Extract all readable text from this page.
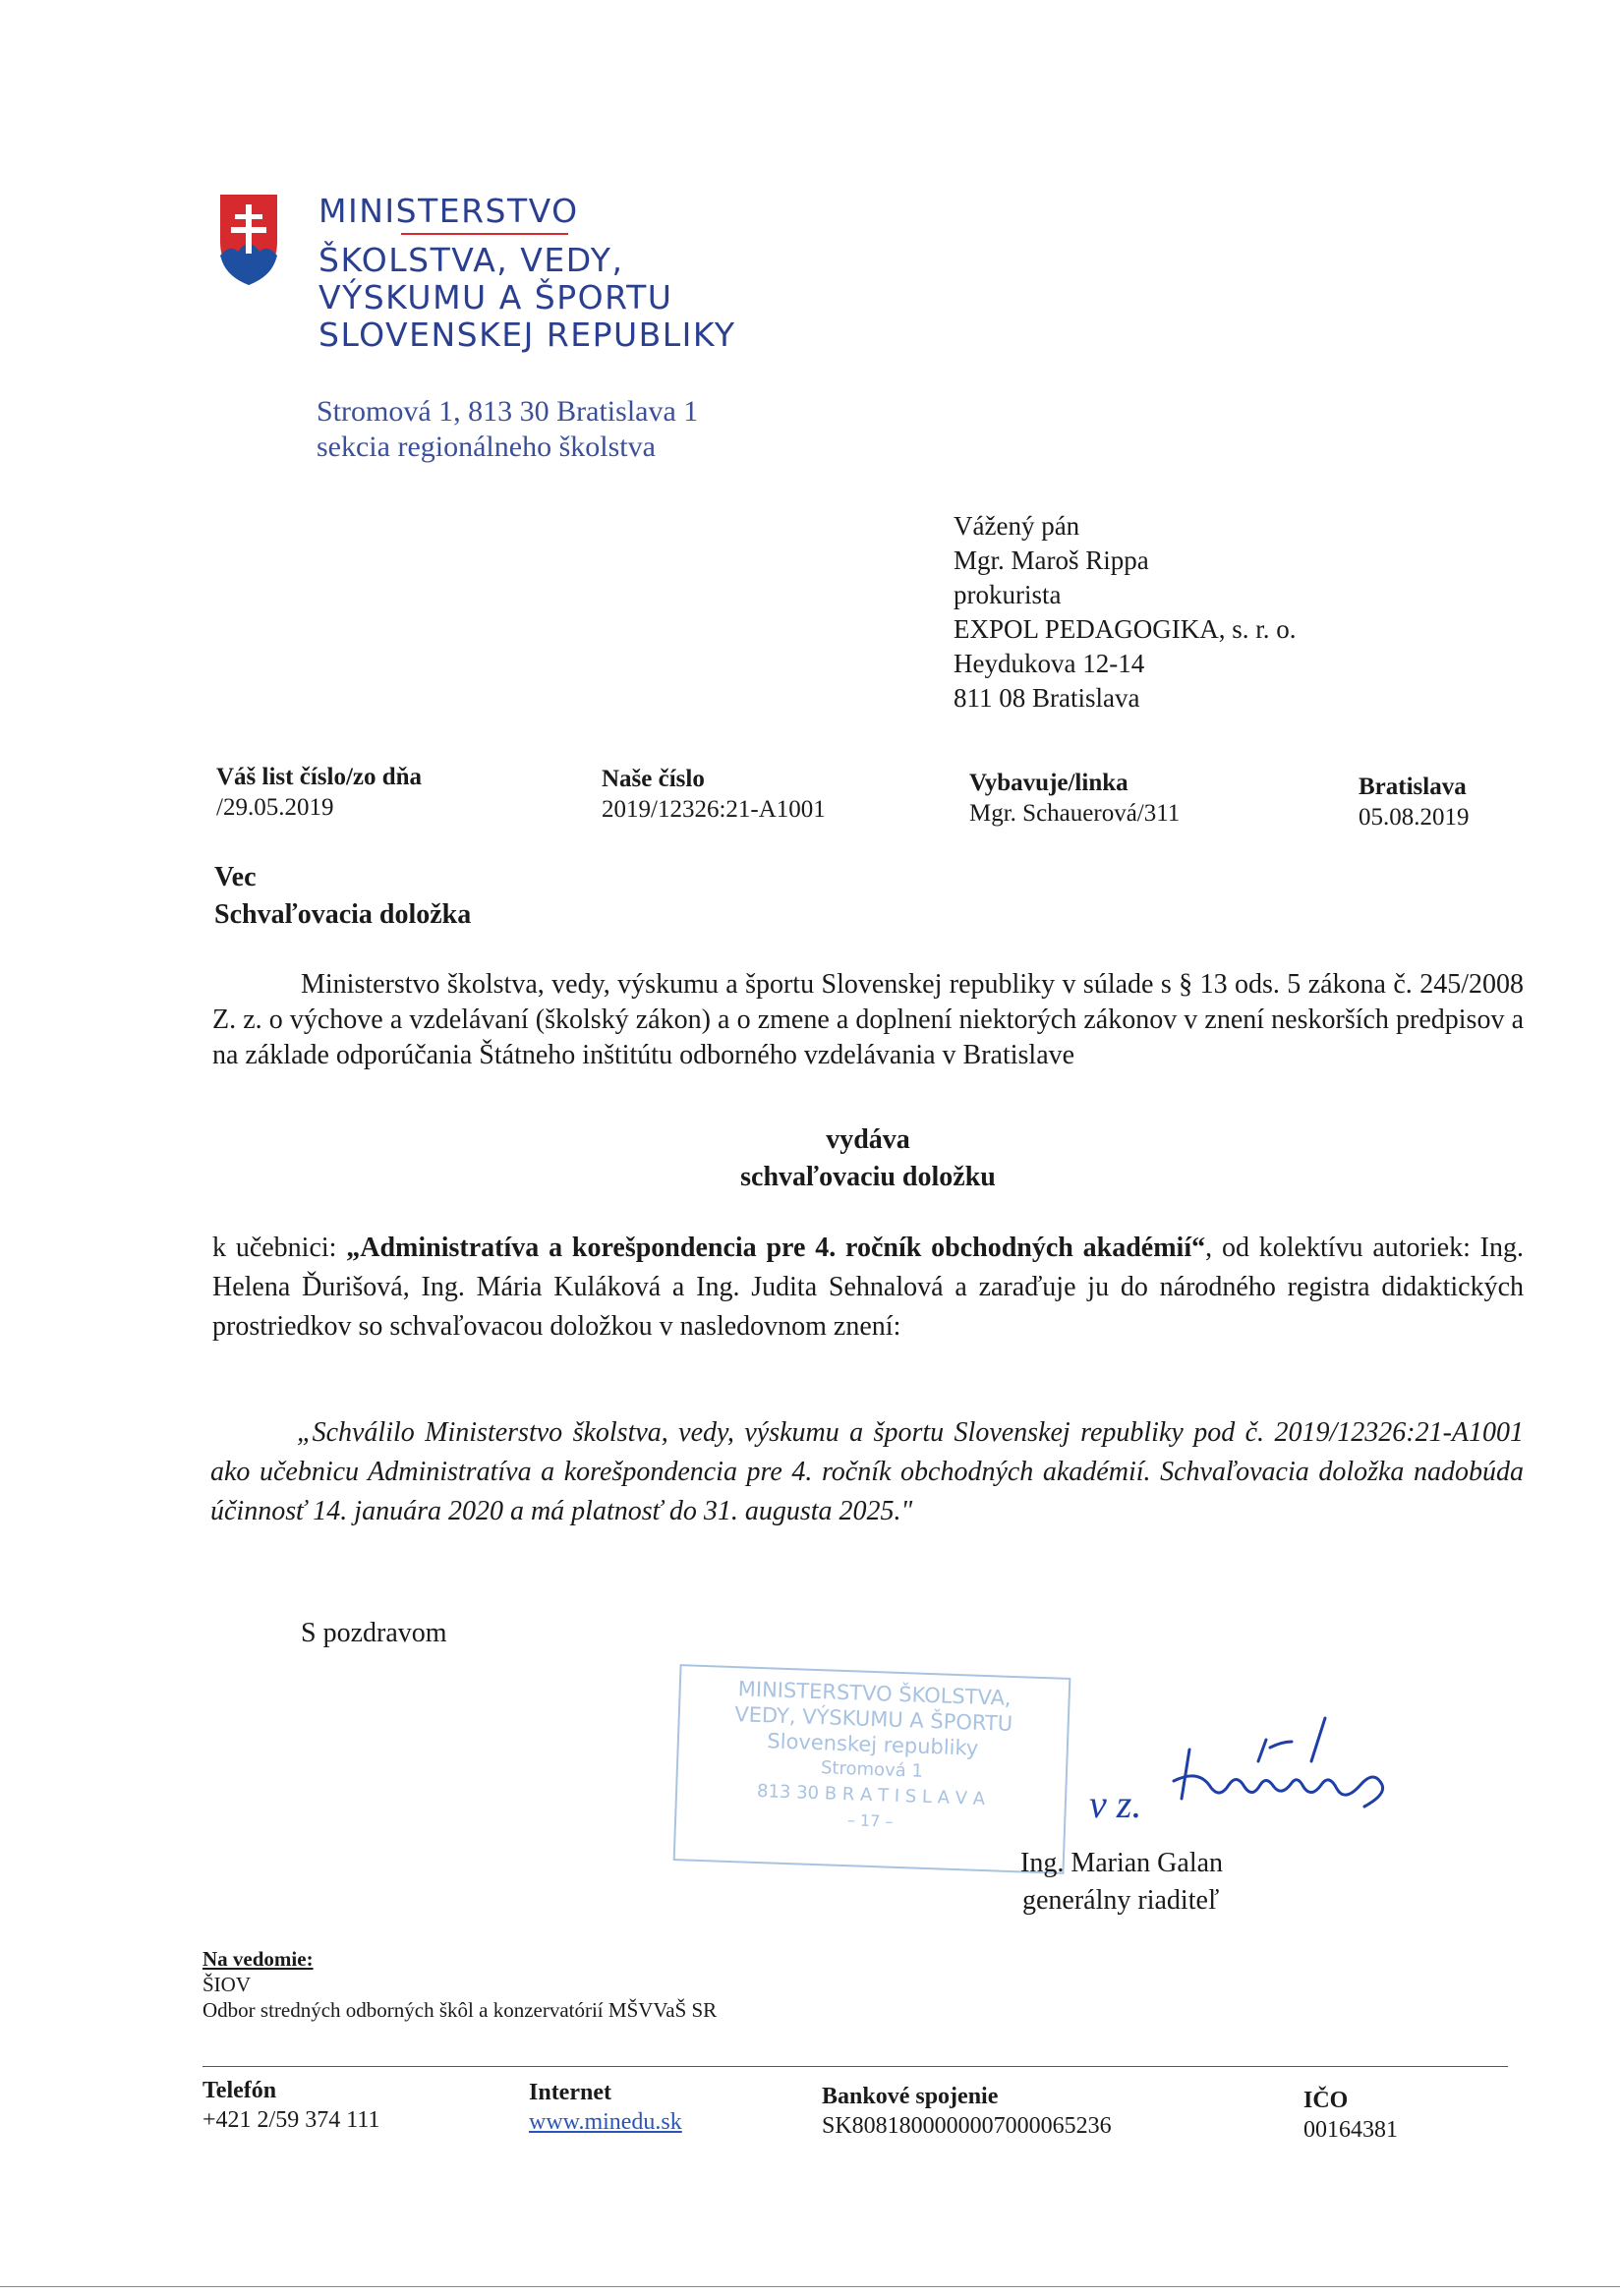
MINISTERSTVO
ŠKOLSTVA, VEDY,
VÝSKUMU A ŠPORTU
SLOVENSKEJ REPUBLIKY
Stromová 1, 813 30 Bratislava 1
sekcia regionálneho školstva
Vážený pán
Mgr. Maroš Rippa
prokurista
EXPOL PEDAGOGIKA, s. r. o.
Heydukova 12-14
811 08 Bratislava
Váš list číslo/zo dňa
/29.05.2019
Naše číslo
2019/12326:21-A1001
Vybavuje/linka
Mgr. Schauerová/311
Bratislava
05.08.2019
Vec
Schvaľovacia doložka
Ministerstvo školstva, vedy, výskumu a športu Slovenskej republiky v súlade s § 13 ods. 5 zákona č. 245/2008 Z. z. o výchove a vzdelávaní (školský zákon) a o zmene a doplnení niektorých zákonov v znení neskorších predpisov a na základe odporúčania Štátneho inštitútu odborného vzdelávania v Bratislave
vydáva
schvaľovaciu doložku
k učebnici: „Administratíva a korešpondencia pre 4. ročník obchodných akadémií“, od kolektívu autoriek: Ing. Helena Ďurišová, Ing. Mária Kuláková a Ing. Judita Sehnalová a zaraďuje ju do národného registra didaktických prostriedkov so schvaľovacou doložkou v nasledovnom znení:
„Schválilo Ministerstvo školstva, vedy, výskumu a športu Slovenskej republiky pod č. 2019/12326:21-A1001 ako učebnicu Administratíva a korešpondencia pre 4. ročník obchodných akadémií. Schvaľovacia doložka nadobúda účinnosť 14. januára 2020 a má platnosť do 31. augusta 2025."
S pozdravom
MINISTERSTVO ŠKOLSTVA,
VEDY, VÝSKUMU A ŠPORTU
Slovenskej republiky
Stromová 1
813 30 B R A T I S L A V A
– 17 –	v z.
Ing. Marian Galan
generálny riaditeľ
Na vedomie:
ŠIOV
Odbor stredných odborných škôl a konzervatórií MŠVVaŠ SR
Telefón
+421 2/59 374 111
Internet
www.minedu.sk
Bankové spojenie
SK8081800000007000065236
IČO
00164381
